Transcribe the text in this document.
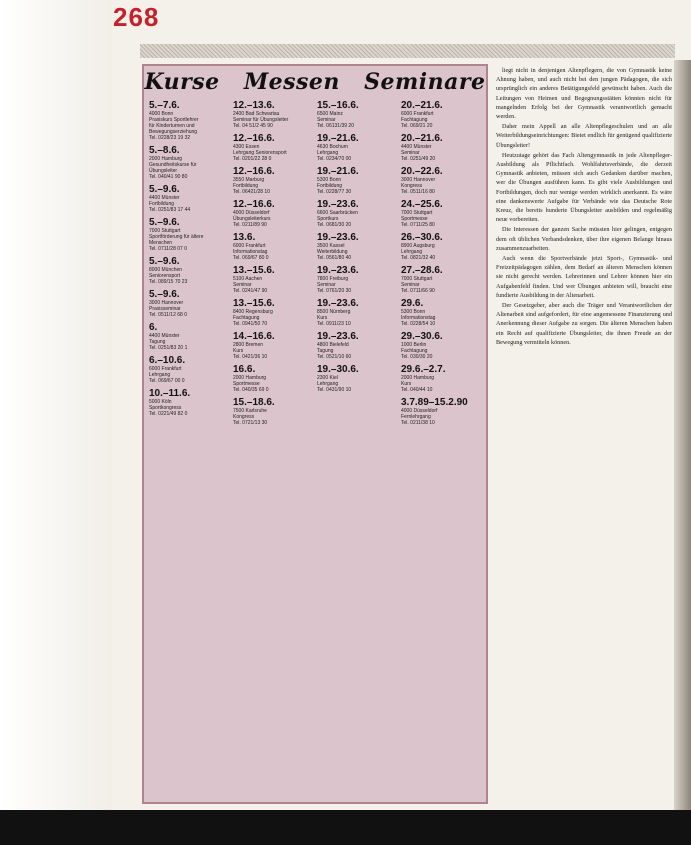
268
Kurse Messen Seminare
5.–7.6.
4000 Bonn
Praxiskurs Sportlehrer
für Kinderturnen und
Bewegungserziehung
Tel. 0228/23 19 32
5.–8.6.
2000 Hamburg
Gesundheitskurse für
Übungsleiter
Tel. 040/41 90 80
5.–9.6.
4400 Münster
Fortbildung
Tel. 0251/83 17 44
5.–9.6.
7000 Stuttgart
Sportförderung für ältere
Menschen
Tel. 0711/28 07 0
5.–9.6.
8000 München
Seniorensport
Tel. 089/15 70 23
5.–9.6.
3000 Hannover
Praxisseminar
Tel. 0511/12 68 0
6.
4400 Münster
Tagung
Tel. 0251/83 20 1
6.–10.6.
6000 Frankfurt
Lehrgang
Tel. 069/67 00 0
10.–11.6.
5000 Köln
Sportkongress
Tel. 0221/49 82 0
12.–13.6.
2400 Bad Schwartau
Seminar für Übungsleiter
Tel. 04 51/2 45 90
12.–16.6.
4300 Essen
Lehrgang Seniorensport
Tel. 0201/22 28 0
12.–16.6.
3550 Marburg
Fortbildung
Tel. 06421/28 10
12.–16.6.
4000 Düsseldorf
Übungsleiterkurs
Tel. 0211/89 90
13.6.
6000 Frankfurt
Informationstag
Tel. 069/67 80 0
13.–15.6.
5100 Aachen
Seminar
Tel. 0241/47 90
13.–15.6.
8400 Regensburg
Fachtagung
Tel. 0941/50 70
14.–16.6.
2800 Bremen
Kurs
Tel. 0421/36 10
16.6.
2000 Hamburg
Sportmesse
Tel. 040/35 69 0
15.–18.6.
7500 Karlsruhe
Kongress
Tel. 0721/13 30
15.–16.6.
6500 Mainz
Seminar
Tel. 06131/39 20
19.–21.6.
4630 Bochum
Lehrgang
Tel. 0234/70 00
19.–21.6.
5300 Bonn
Fortbildung
Tel. 0228/77 30
19.–23.6.
6600 Saarbrücken
Sportkurs
Tel. 0681/30 20
19.–23.6.
3500 Kassel
Weiterbildung
Tel. 0561/80 40
19.–23.6.
7800 Freiburg
Seminar
Tel. 0761/20 30
19.–23.6.
8500 Nürnberg
Kurs
Tel. 0911/23 10
19.–23.6.
4800 Bielefeld
Tagung
Tel. 0521/10 60
19.–30.6.
2300 Kiel
Lehrgang
Tel. 0431/90 10
20.–21.6.
6000 Frankfurt
Fachtagung
Tel. 069/21 20
20.–21.6.
4400 Münster
Seminar
Tel. 0251/49 20
20.–22.6.
3000 Hannover
Kongress
Tel. 0511/16 80
24.–25.6.
7000 Stuttgart
Sportmesse
Tel. 0711/25 80
26.–30.6.
8900 Augsburg
Lehrgang
Tel. 0821/32 40
27.–28.6.
7000 Stuttgart
Seminar
Tel. 0711/66 90
29.6.
5300 Bonn
Informationstag
Tel. 0228/54 10
29.–30.6.
1000 Berlin
Fachtagung
Tel. 030/30 20
29.6.–2.7.
2000 Hamburg
Kurs
Tel. 040/44 10
3.7.89–15.2.90
4000 Düsseldorf
Fernlehrgang
Tel. 0211/38 10

liegt nicht in denjenigen Altenpflegern, die von Gymnastik keine Ahnung haben, und auch nicht bei den jungen Pädagogen, die sich ursprünglich ein anderes Betätigungsfeld gewünscht haben. Auch die Leitungen von Heimen und Begegnungsstätten könnten nicht für mangelnden Erfolg bei der Gymnastik verantwortlich gemacht werden.

Daher mein Appell an alle Altenpflegeschulen und an alle Weiterbildungseinrichtungen: Bietet endlich für genügend qualifizierte Übungsleiter!

Heutzutage gehört das Fach Altengymnastik in jede Altenpfleger-Ausbildung als Pflichtfach. Wohlfahrtsverbände, die derzeit Gymnastik anbieten, müssen sich auch Gedanken darüber machen, wer die Übungen ausführen kann. Es gibt viele Ausbildungen und Fortbildungen, doch nur wenige werden wirklich anerkannt. Es wäre eine dankenswerte Aufgabe für Verbände wie das Deutsche Rote Kreuz, die bereits hunderte Übungsleiter ausbilden und regelmäßig neue vorbereiten.

Die Interessen der ganzen Sache müssten hier gelingen, entgegen dem oft üblichen Verbandsdenken, über ihre eigenen Belange hinaus zusammenzuarbeiten.

Auch wenn die Sportverbände jetzt Sport-, Gymnastik- und Freizeitpädagogen zählen, dem Bedarf an älteren Menschen können sie nicht gerecht werden. Lehrerinnen und Lehrer können hier ein Aufgabenfeld finden. Und wer Übungen anbieten will, braucht eine fundierte Ausbildung in der Altenarbeit.

Der Gesetzgeber, aber auch die Träger und Verantwortlichen der Altenarbeit sind aufgefordert, für eine angemessene Finanzierung und Anerkennung dieser Aufgabe zu sorgen. Die älteren Menschen haben ein Recht auf qualifizierte Übungsleiter, die ihnen Freude an der Bewegung vermitteln können.
